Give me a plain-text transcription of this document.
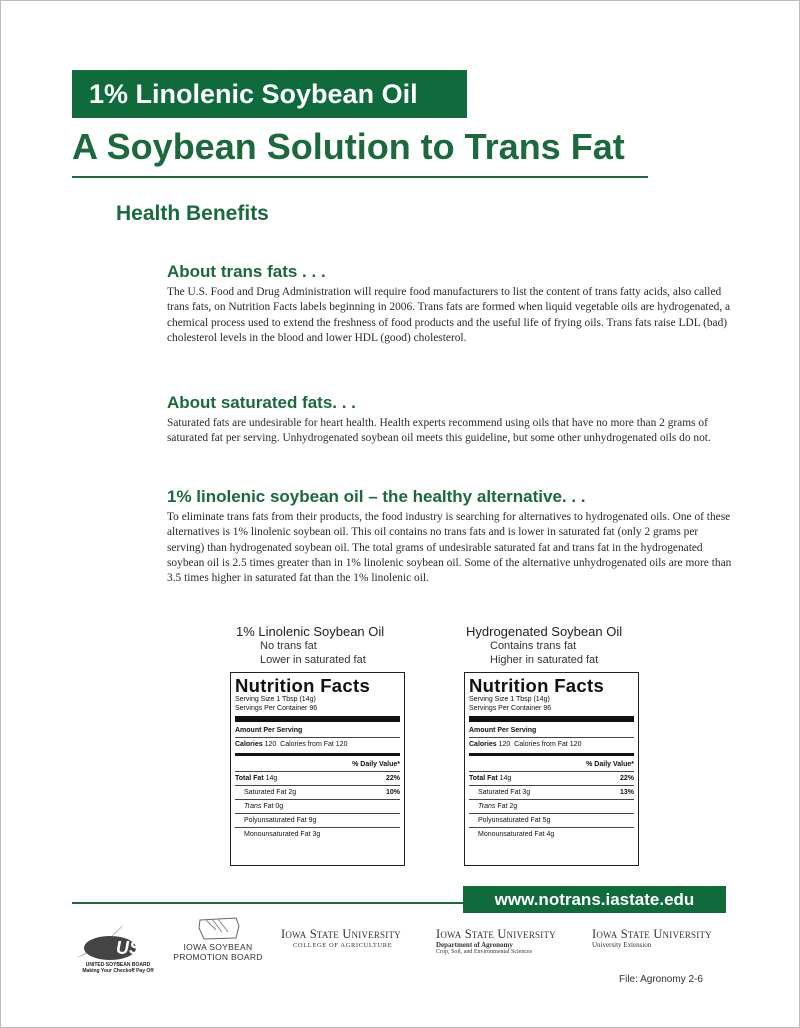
1% Linolenic Soybean Oil
A Soybean Solution to Trans Fat
Health Benefits
About trans fats . . .

The U.S. Food and Drug Administration will require food manufacturers to list the content of trans fatty acids, also called trans fats, on Nutrition Facts labels beginning in 2006. Trans fats are formed when liquid vegetable oils are hydrogenated, a chemical process used to extend the freshness of food products and the useful life of frying oils. Trans fats raise LDL (bad) cholesterol levels in the blood and lower HDL (good) cholesterol.

About saturated fats. . .

Saturated fats are undesirable for heart health. Health experts recommend using oils that have no more than 2 grams of saturated fat per serving. Unhydrogenated soybean oil meets this guideline, but some other unhydrogenated oils do not.

1% linolenic soybean oil – the healthy alternative. . .

To eliminate trans fats from their products, the food industry is searching for alternatives to hydrogenated oils. One of these alternatives is 1% linolenic soybean oil. This oil contains no trans fats and is lower in saturated fat (only 2 grams per serving) than hydrogenated soybean oil. The total grams of undesirable saturated fat and trans fat in the hydrogenated soybean oil is 2.5 times greater than in 1% linolenic soybean oil. Some of the alternative unhydrogenated oils are more than 3.5 times higher in saturated fat than the 1% linolenic oil.

1% Linolenic Soybean Oil
No trans fat
Lower in saturated fat
Nutrition Facts
Serving Size 1 Tbsp (14g)
Servings Per Container 96
Amount Per Serving
Calories 120 Calories from Fat 120
% Daily Value*
Total Fat 14g	22%
Saturated Fat 2g	10%
Trans Fat 0g
Polyunsaturated Fat 9g
Monounsaturated Fat 3g
Hydrogenated Soybean Oil
Contains trans fat
Higher in saturated fat
Nutrition Facts
Serving Size 1 Tbsp (14g)
Servings Per Container 96
Amount Per Serving
Calories 120 Calories from Fat 120
% Daily Value*
Total Fat 14g	22%
Saturated Fat 3g	13%
Trans Fat 2g
Polyunsaturated Fat 5g
Monounsaturated Fat 4g
www.notrans.iastate.edu
USB
UNITED SOYBEAN BOARD
Making Your Checkoff Pay Off
IOWA SOYBEAN
PROMOTION BOARD
Iowa State University
COLLEGE OF AGRICULTURE
Iowa State University
Department of Agronomy
Crop, Soil, and Environmental Sciences
Iowa State University
University Extension
File: Agronomy 2-6
